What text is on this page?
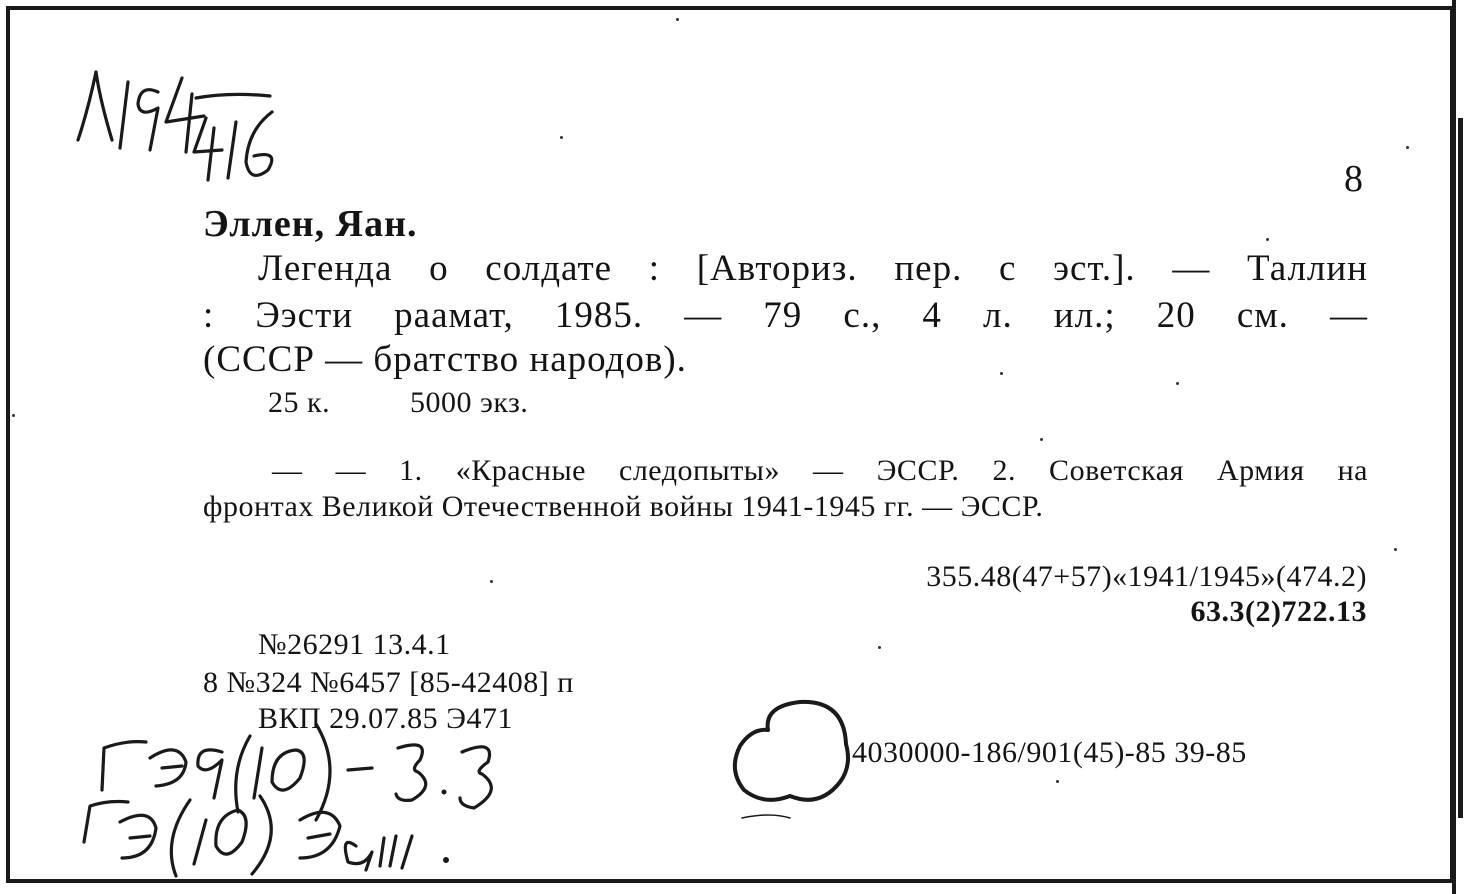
8
Эллен, Яан.
Легенда о солдате : [Авториз. пер. с эст.]. — Таллин
: Ээсти раамат, 1985. — 79 с., 4 л. ил.; 20 см. —
(СССР — братство народов).
25 к.	5000 экз.
— — 1. «Красные следопыты» — ЭССР. 2. Советская Армия на
фронтах Великой Отечественной войны 1941-1945 гг. — ЭССР.
355.48(47+57)«1941/1945»(474.2)
63.3(2)722.13
№26291 13.4.1
8 №324 №6457 [85-42408] п
ВКП 29.07.85 Э471
4030000-186/901(45)-85 39-85
